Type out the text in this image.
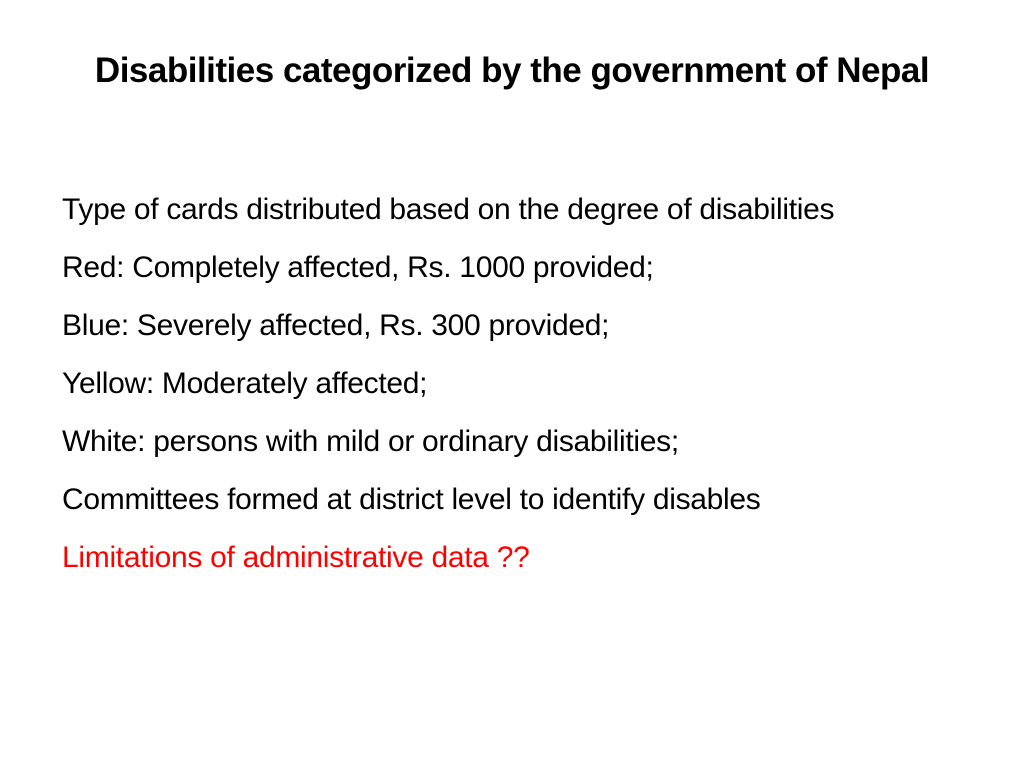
Disabilities categorized by the government of Nepal
Type of cards distributed based on the degree of disabilities
Red: Completely affected, Rs. 1000 provided;
Blue: Severely affected, Rs. 300 provided;
Yellow: Moderately affected;
White: persons with mild or ordinary disabilities;
Committees formed at district level to identify disables
Limitations of administrative data ??
